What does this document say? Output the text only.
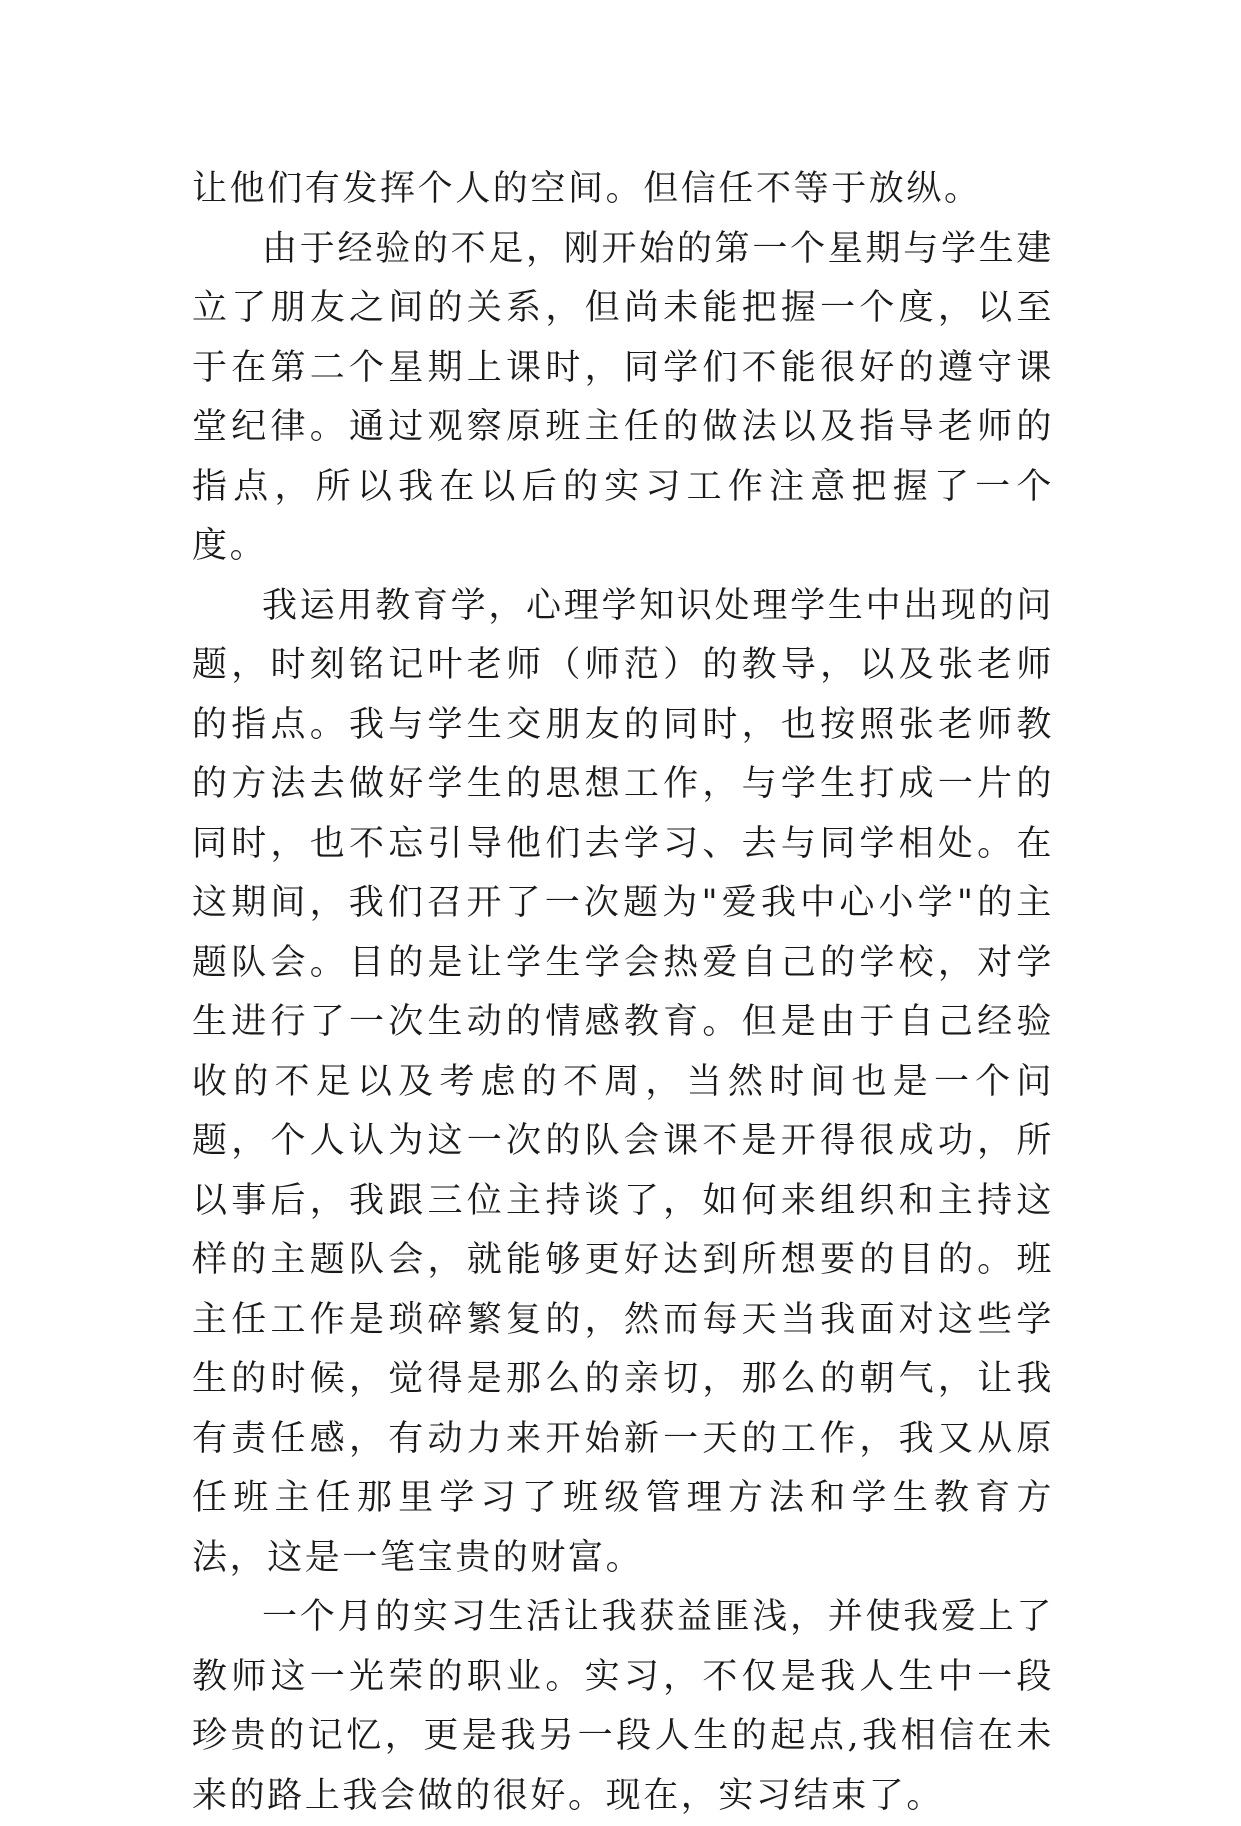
让他们有发挥个人的空间。但信任不等于放纵。

由于经验的不足，刚开始的第一个星期与学生建立了朋友之间的关系，但尚未能把握一个度，以至于在第二个星期上课时，同学们不能很好的遵守课堂纪律。通过观察原班主任的做法以及指导老师的指点，所以我在以后的实习工作注意把握了一个度。

我运用教育学，心理学知识处理学生中出现的问题，时刻铭记叶老师（师范）的教导，以及张老师的指点。我与学生交朋友的同时，也按照张老师教的方法去做好学生的思想工作，与学生打成一片的同时，也不忘引导他们去学习、去与同学相处。在这期间，我们召开了一次题为"爱我中心小学"的主题队会。目的是让学生学会热爱自己的学校，对学生进行了一次生动的情感教育。但是由于自己经验收的不足以及考虑的不周，当然时间也是一个问题，个人认为这一次的队会课不是开得很成功，所以事后，我跟三位主持谈了，如何来组织和主持这样的主题队会，就能够更好达到所想要的目的。班主任工作是琐碎繁复的，然而每天当我面对这些学生的时候，觉得是那么的亲切，那么的朝气，让我有责任感，有动力来开始新一天的工作，我又从原任班主任那里学习了班级管理方法和学生教育方法，这是一笔宝贵的财富。

一个月的实习生活让我获益匪浅，并使我爱上了教师这一光荣的职业。实习，不仅是我人生中一段珍贵的记忆，更是我另一段人生的起点,我相信在未来的路上我会做的很好。现在，实习结束了。
